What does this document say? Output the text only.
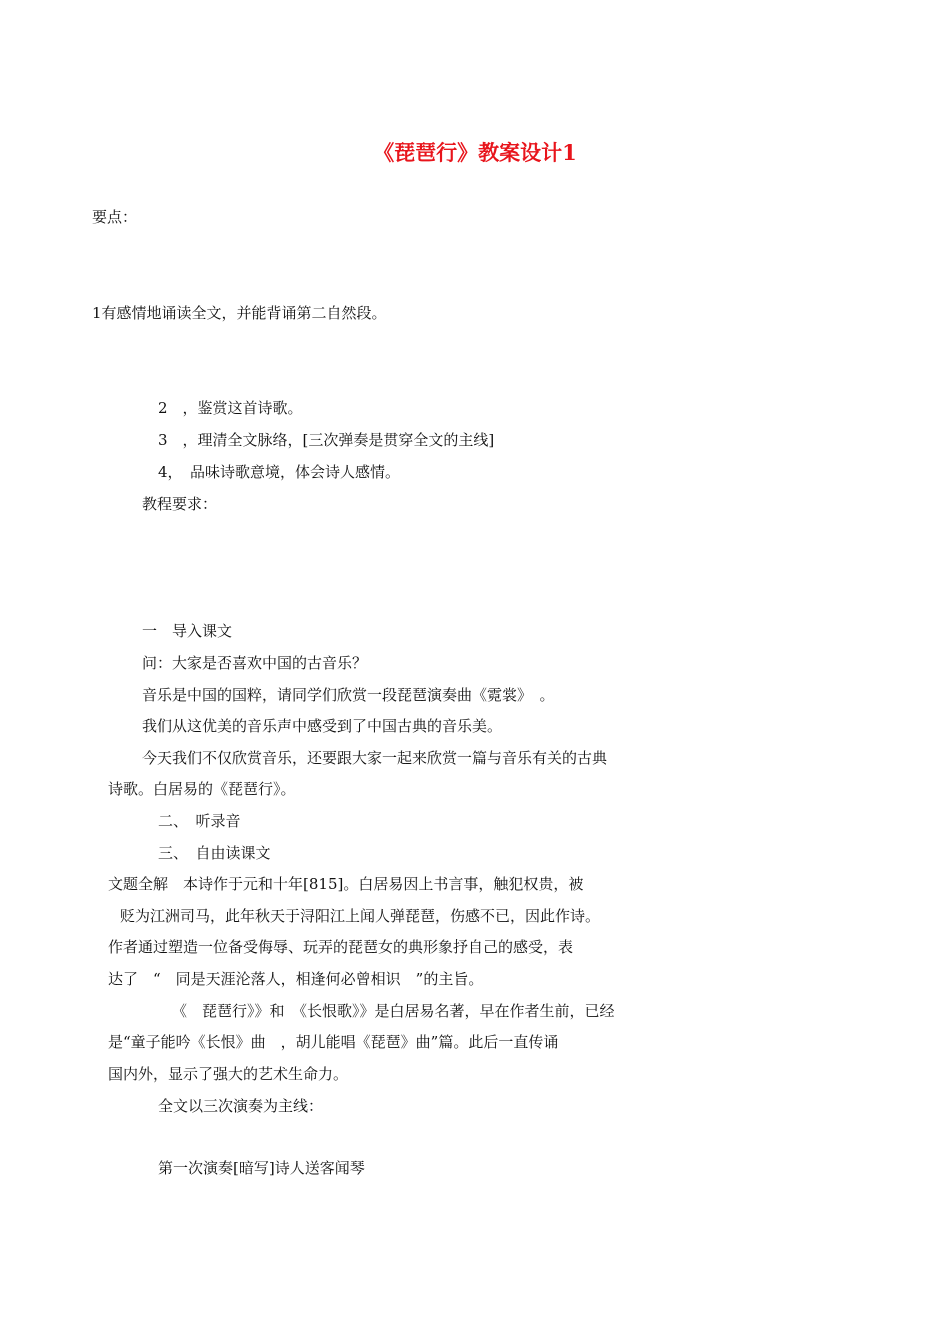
《琵琶行》教案设计1
要点：
1有感情地诵读全文，并能背诵第二自然段。
2　，鉴赏这首诗歌。
3　，理清全文脉络，[三次弹奏是贯穿全文的主线]
4，　品味诗歌意境，体会诗人感情。
教程要求：
一　导入课文
问：大家是否喜欢中国的古音乐？
音乐是中国的国粹，请同学们欣赏一段琵琶演奏曲《霓裳》　。
我们从这优美的音乐声中感受到了中国古典的音乐美。
今天我们不仅欣赏音乐，还要跟大家一起来欣赏一篇与音乐有关的古典
诗歌。白居易的《琵琶行》。
二、　听录音
三、　自由读课文
文题全解　本诗作于元和十年[815]。白居易因上书言事，触犯权贵，被
贬为江洲司马，此年秋天于浔阳江上闻人弹琵琶，伤感不已，因此作诗。
作者通过塑造一位备受侮辱、玩弄的琵琶女的典形象抒自己的感受，表
达了　“　同是天涯沦落人，相逢何必曾相识　”的主旨。
《　琵琶行》》和　《长恨歌》》是白居易名著，早在作者生前，已经
是“童子能吟《长恨》曲　，胡儿能唱《琵琶》曲”篇。此后一直传诵
国内外，显示了强大的艺术生命力。
全文以三次演奏为主线：
第一次演奏[暗写]诗人送客闻琴
